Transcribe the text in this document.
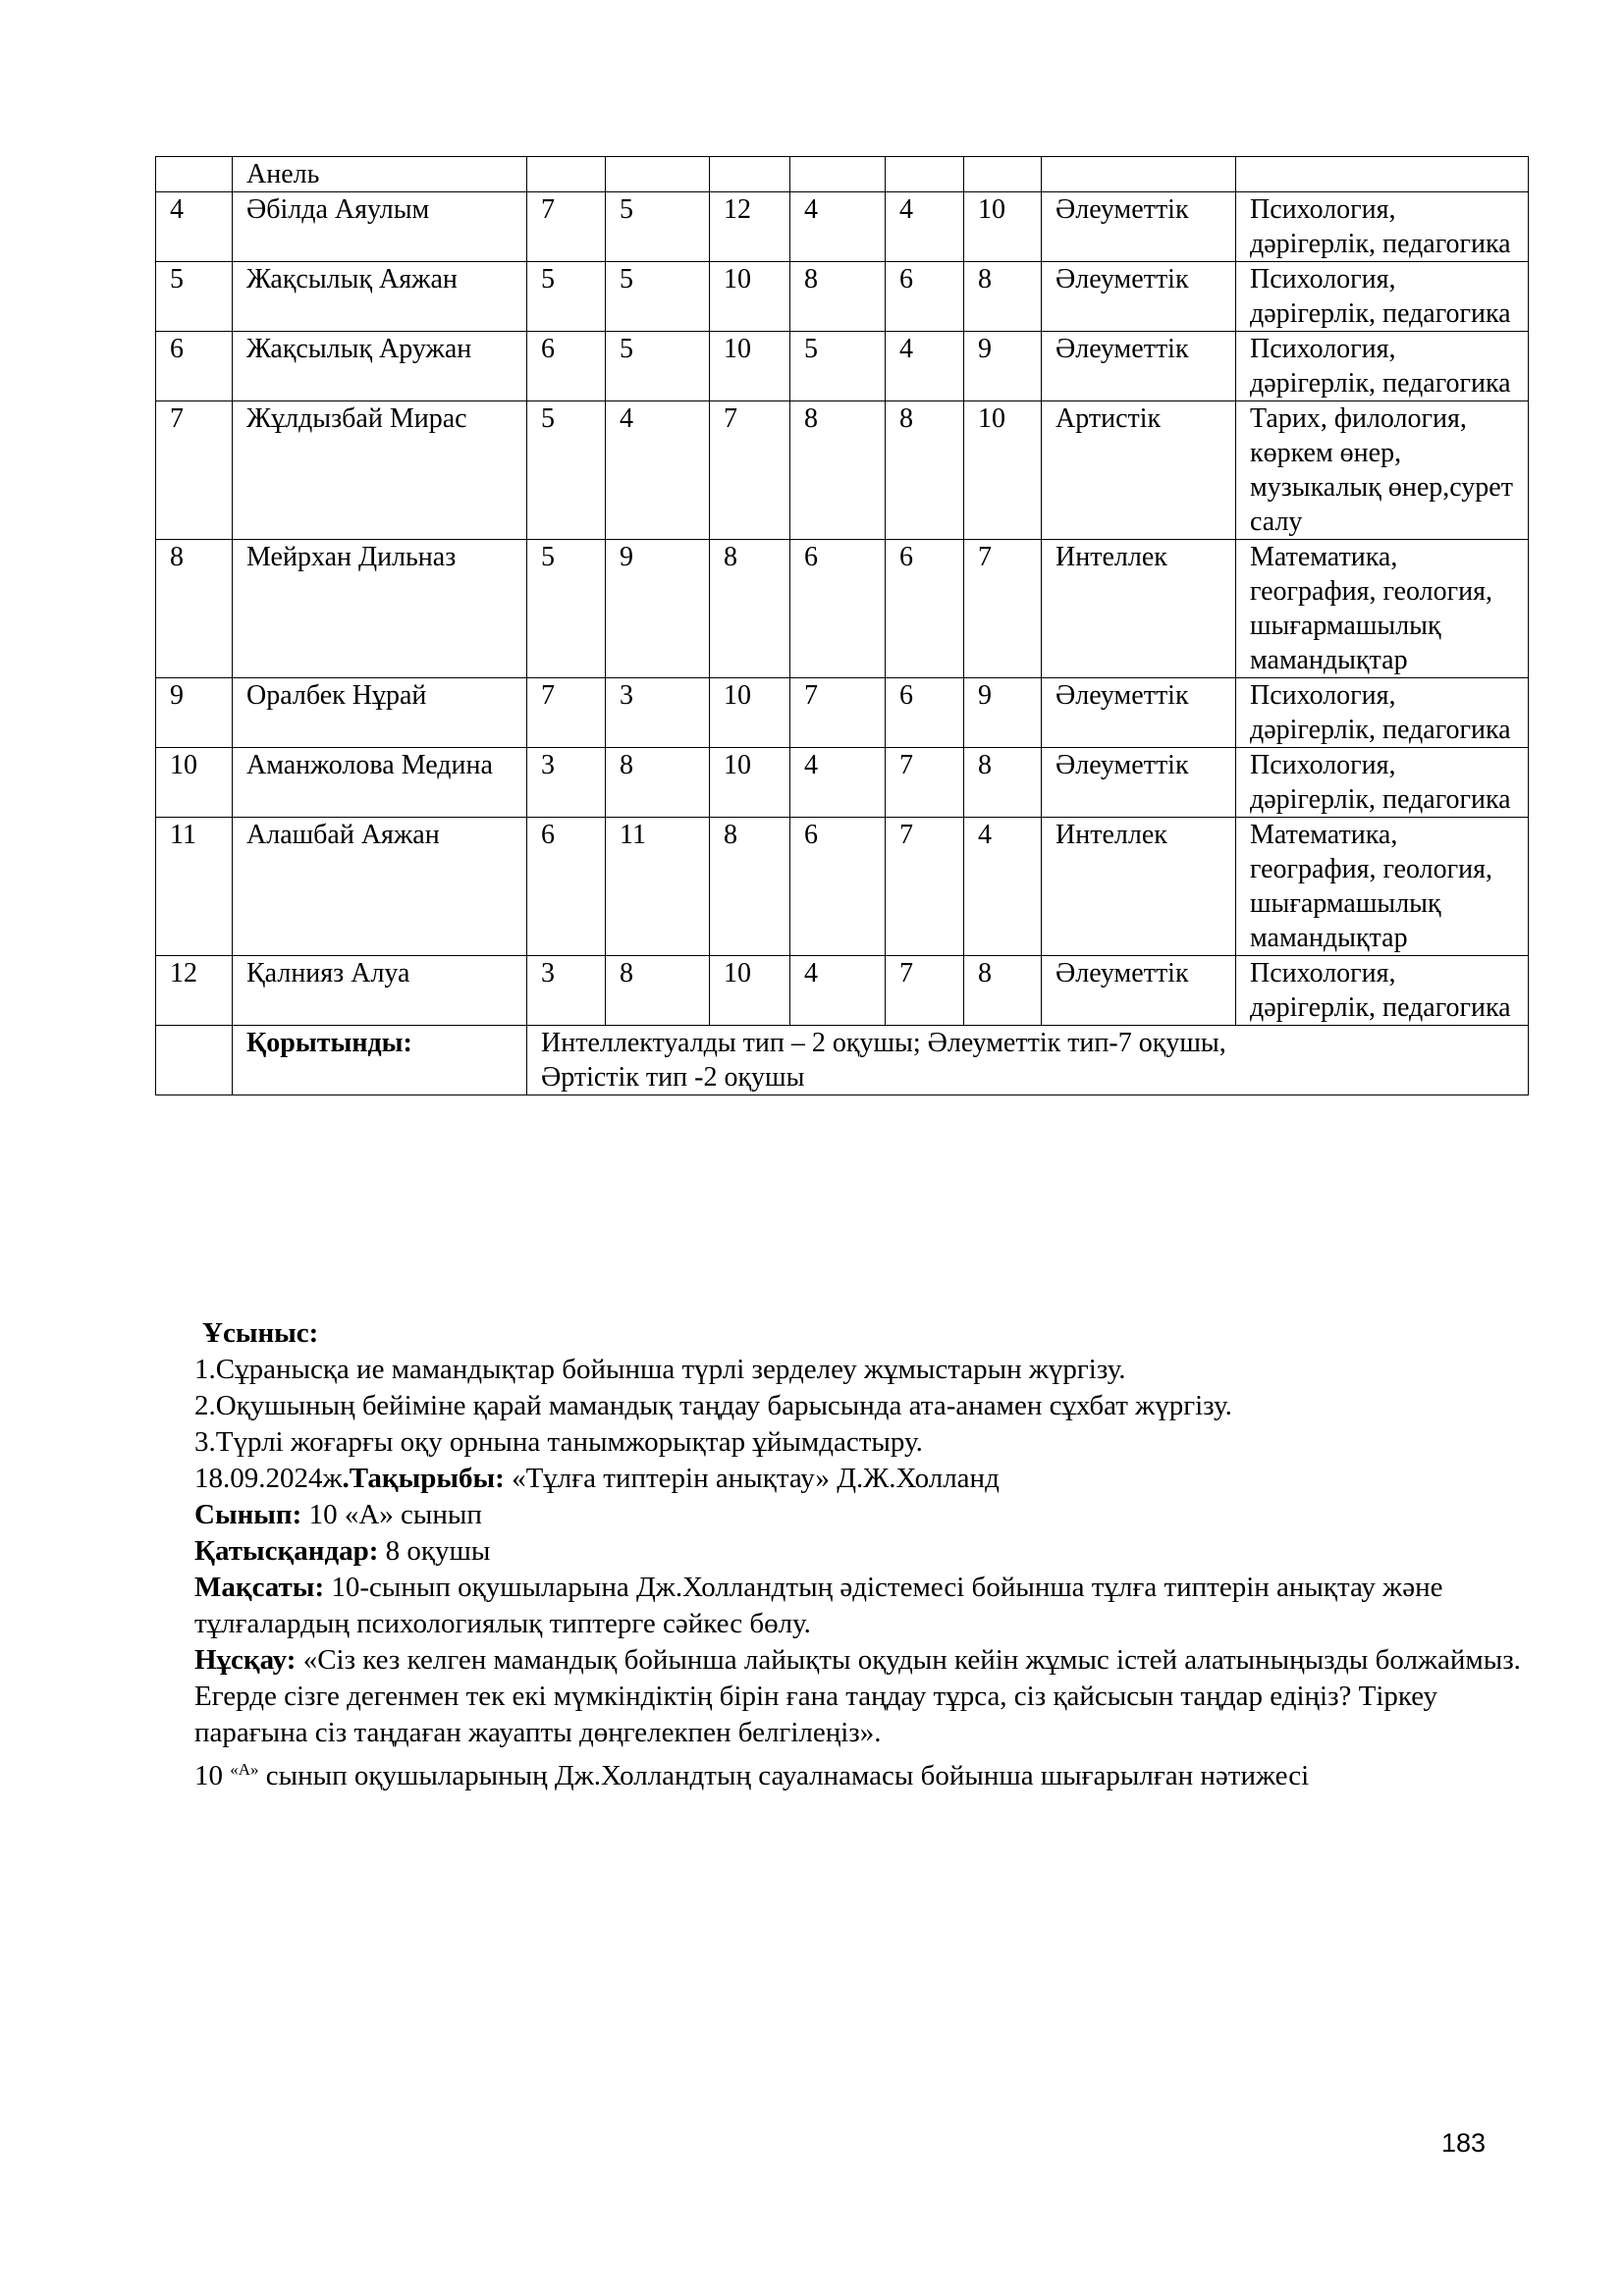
	Анель								
4	Әбілда Аяулым	7	5	12	4	4	10	Әлеуметтік	Психология, дәрігерлік, педагогика
5	Жақсылық Аяжан	5	5	10	8	6	8	Әлеуметтік	Психология, дәрігерлік, педагогика
6	Жақсылық Аружан	6	5	10	5	4	9	Әлеуметтік	Психология, дәрігерлік, педагогика
7	Жұлдызбай Мирас	5	4	7	8	8	10	Артистік	Тарих, филология, көркем өнер, музыкалық өнер,сурет салу
8	Мейрхан Дильназ	5	9	8	6	6	7	Интеллек	Математика, география, геология, шығармашылық мамандықтар
9	Оралбек Нұрай	7	3	10	7	6	9	Әлеуметтік	Психология, дәрігерлік, педагогика
10	Аманжолова Медина	3	8	10	4	7	8	Әлеуметтік	Психология, дәрігерлік, педагогика
11	Алашбай Аяжан	6	11	8	6	7	4	Интеллек	Математика, география, геология, шығармашылық мамандықтар
12	Қалнияз Алуа	3	8	10	4	7	8	Әлеуметтік	Психология, дәрігерлік, педагогика
	Қорытынды:	Интеллектуалды тип – 2 оқушы; Әлеуметтік тип-7 оқушы,
Әртістік тип -2 оқушы							

Ұсыныс:

1.Сұранысқа ие мамандықтар бойынша түрлі зерделеу жұмыстарын жүргізу.

2.Оқушының бейіміне қарай мамандық таңдау барысында ата-анамен сұхбат жүргізу.

3.Түрлі жоғарғы оқу орнына танымжорықтар ұйымдастыру.

18.09.2024ж.Тақырыбы: «Тұлға типтерін анықтау» Д.Ж.Холланд

Сынып: 10 «А» сынып

Қатысқандар: 8 оқушы

Мақсаты: 10-сынып оқушыларына Дж.Холландтың әдістемесі бойынша тұлға типтерін анықтау және тұлғалардың психологиялық типтерге сәйкес бөлу.

Нұсқау: «Сіз кез келген мамандық бойынша лайықты оқудын кейін жұмыс істей алатыныңызды болжаймыз. Егерде сізге дегенмен тек екі мүмкіндіктің бірін ғана таңдау тұрса, сіз қайсысын таңдар едіңіз? Тіркеу парағына сіз таңдаған жауапты дөңгелекпен белгілеңіз».

10 $^{«А»}$ сынып оқушыларының Дж.Холландтың сауалнамасы бойынша шығарылған нәтижесі

183
